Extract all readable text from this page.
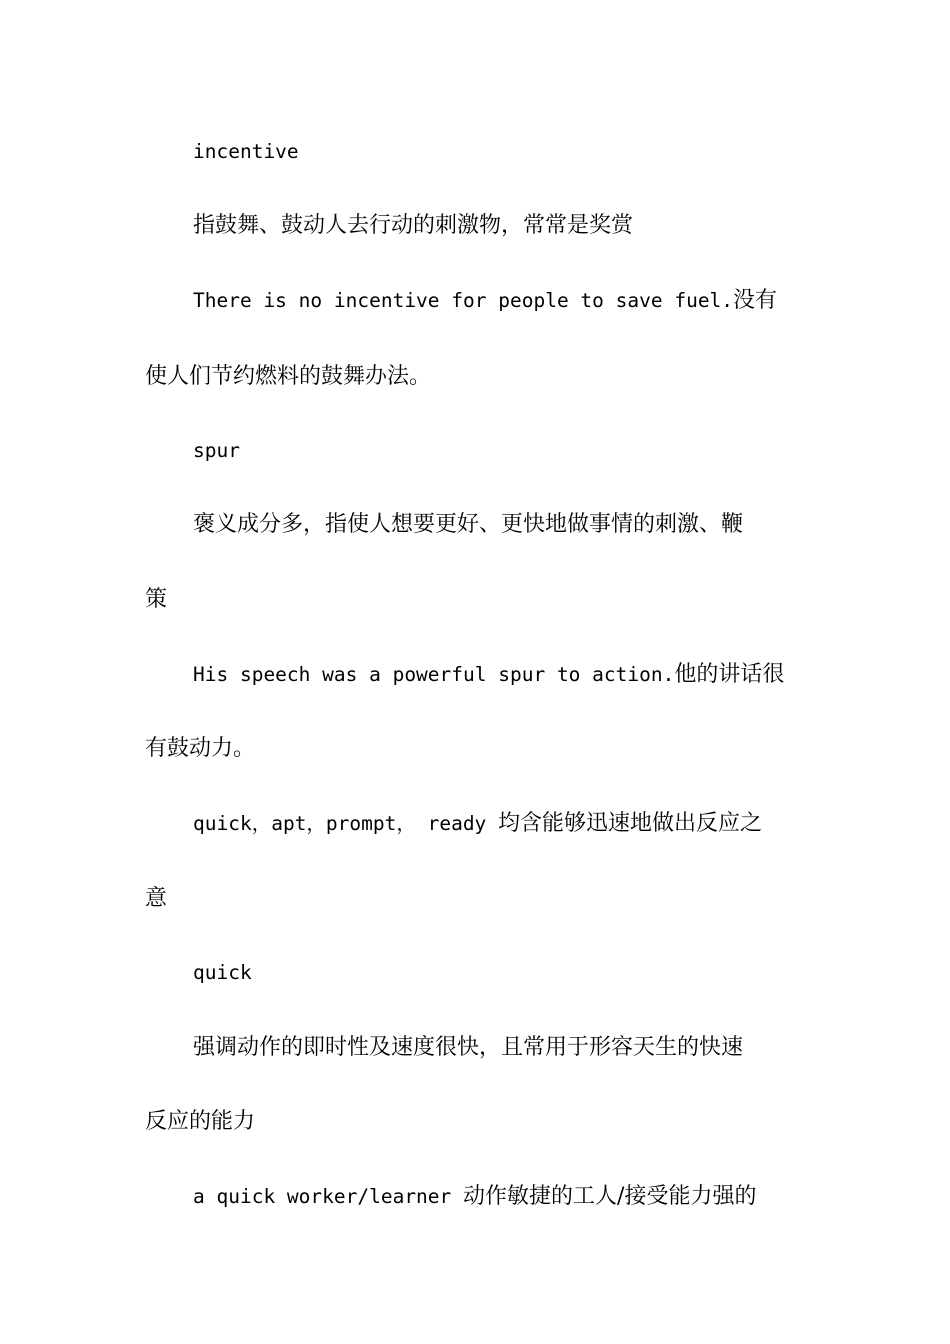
incentive
指鼓舞、鼓动人去行动的刺激物，常常是奖赏
There is no incentive for people to save fuel.没有
使人们节约燃料的鼓舞办法。
spur
褒义成分多，指使人想要更好、更快地做事情的刺激、鞭
策
His speech was a powerful spur to action.他的讲话很
有鼓动力。
quick，apt，prompt， ready 均含能够迅速地做出反应之
意
quick
强调动作的即时性及速度很快，且常用于形容天生的快速
反应的能力
a quick worker/learner 动作敏捷的工人/接受能力强的
